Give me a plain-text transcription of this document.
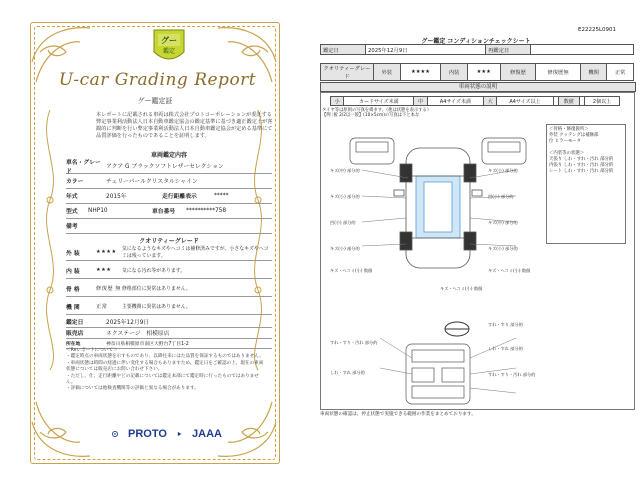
グー
鑑定
U-car Grading Report
グー鑑定証
本レポートに記載される車両は株式会社プロトコーポレーションが委託する弊定事業利活動法人日本自動車鑑定協会の鑑定基準に基づき適正鑑定士が客観的に判断を行い弊定事業利活動法人日本自動車鑑定協会が定める基準にて品質評価を行ったものであることを証明します。
車両鑑定内容
車名・グレード
アクア G ブラックソフトレザーセレクション
カラー	チェリーパールクリスタルシャイン
年式	2015年	走行距離表示	*****
型式	NHP10	車台番号	**********758
備考
クオリティーグレード
外 装	★★★★	気になるようなキズやヘコミは補修済みですが、小さなキズやヘコミは残っています。
内 装	★★★	気になる汚れ等があります。
骨 格	修復歴 無 修格部位に異常はありません。
機 関	正常	主要機関に異常はありません。
鑑定日	2025年12月9日
販売店	ネクステージ　相模原店
所在地	神奈川県相模原市南区大野台7丁目1-2
＜Reレポートについて＞
・鑑定時点の車両状態を示すものであり、以降往来にはた品質を保証するものではありません。
・車両状態は時間の経過に伴い変化する場合もありますため、鑑定日をご確認の上、現在の車両状態については販売店にお問い合わせ下さい。
・ただし、仕、走行距離やどの記載については鑑定本部にて鑑定時に行ったものではありません。
・評価については他検査機関等の評価と異なる場合があります。
PROTO JAAA
E22225L0901
グー鑑定 コンディションチェックシート
鑑定日	2025年12月9日	再鑑定日	
クオリティーグレード	外装	★★★★	内装	★★★	修復歴	修復歴無	機関	正常
車両状態の説明
小	カードサイズ未満	中	A4サイズ未満	大	A4サイズ以上		数値		2個以上
タイヤ等は原則の写真を掲ます。（他は状態を表示する）
【例 :板 2/2以一般】(10×5cm)の写真は下と本な
キズ(中) 部分的
キズ(小) 部分的
凹(小) 部分的
キズ(小) 部分的
キズ(小) 部分的
凹(小) 部分的
キズ(中) 部分的
キズ(小) 部分的
キズ・ヘコミ(小) 数個
キズ・ヘコミ(小) 数個
キズ・ヘコミ(小) 数個
すれ・すり・汚れ 部分的
しわ・すれ 部分的
すれ・すり 部分的
しわ・すれ 部分的
すれ・すり・汚れ 部分的
＜骨格・修復箇所＞
外装 クッテングは補修部
位 ヒラーモータ

＜内装等の状態＞
天張り しわ・すれ・汚れ 部分的
内張り しわ・すれ・汚れ 部分的
シート しわ・すれ・汚れ 部分的
車両状態の確認は、停止状態で実施できる範囲の作業をまとめております。
